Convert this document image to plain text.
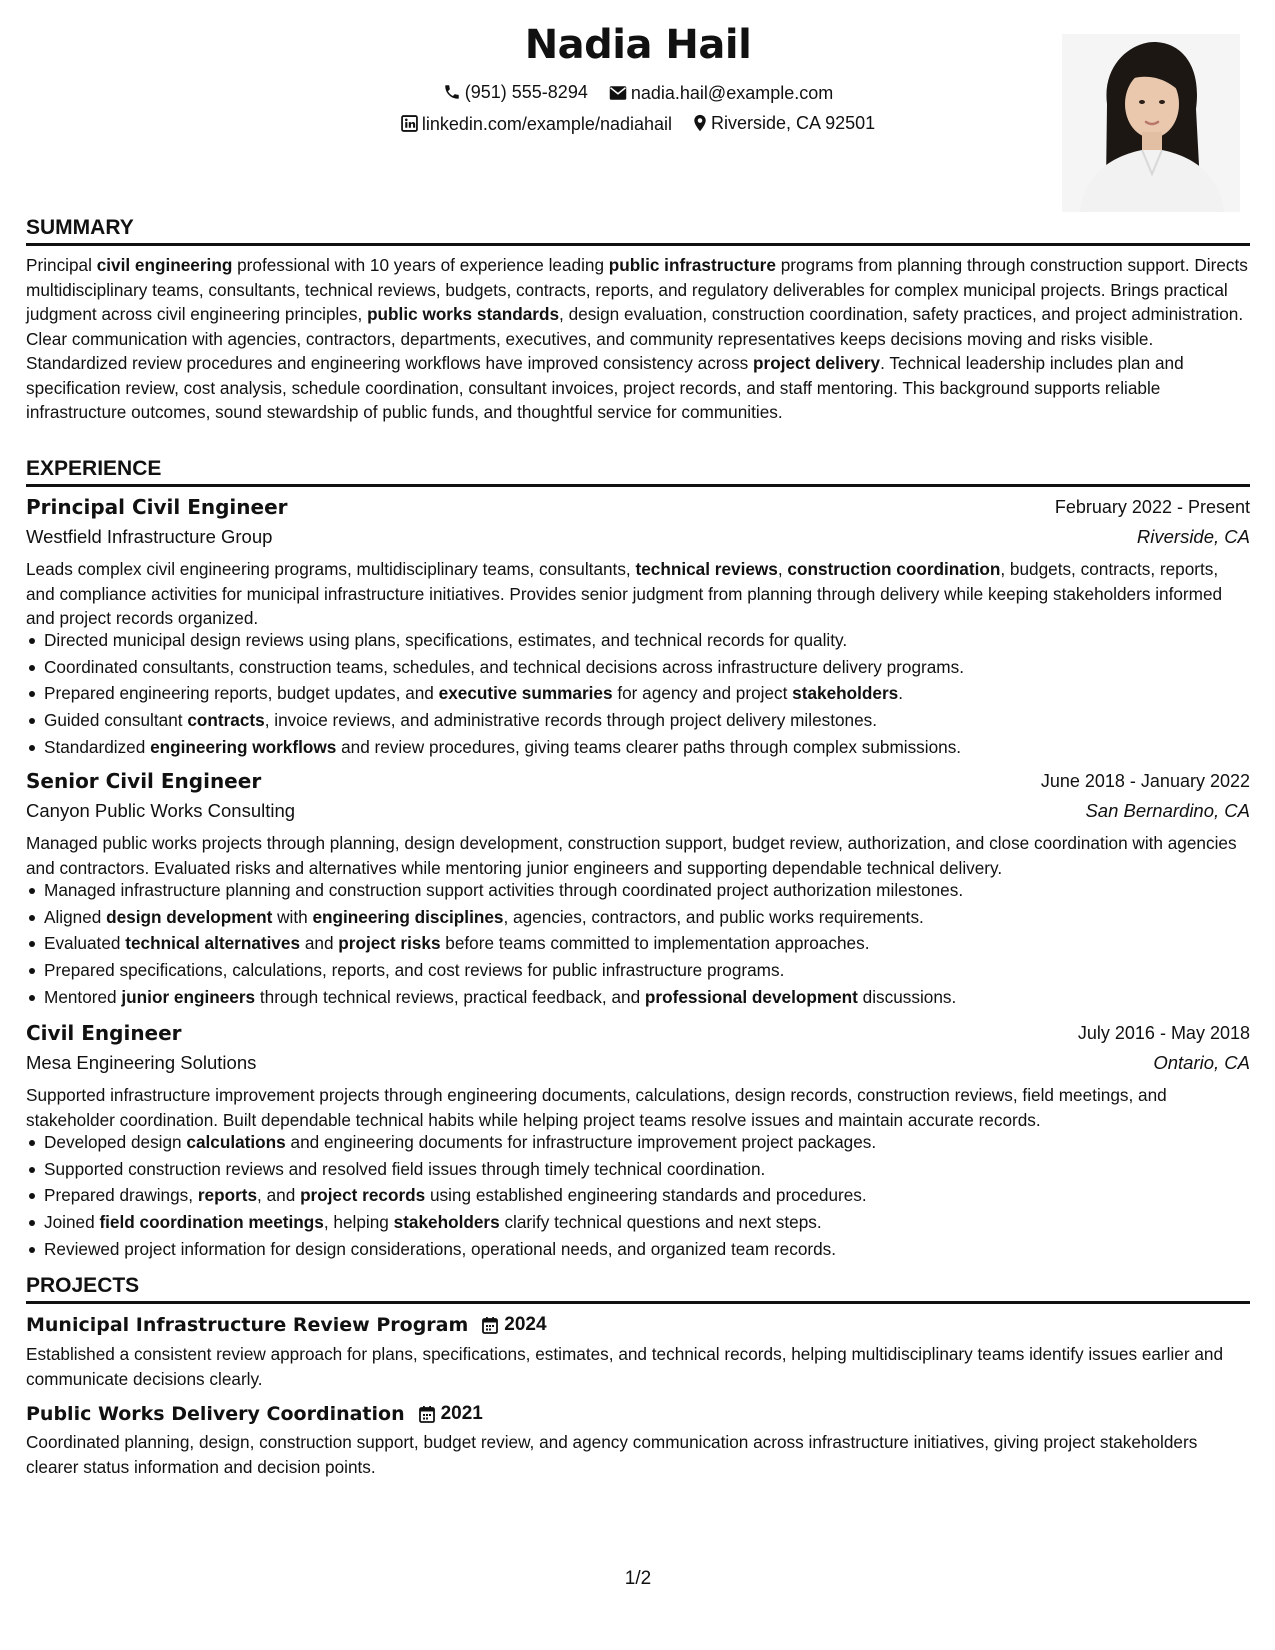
Nadia Hail
(951) 555-8294
nadia.hail@example.com
linkedin.com/example/nadiahail
Riverside, CA 92501
SUMMARY

Principal civil engineering professional with 10 years of experience leading public infrastructure programs from planning through construction support. Directs multidisciplinary teams, consultants, technical reviews, budgets, contracts, reports, and regulatory deliverables for complex municipal projects. Brings practical judgment across civil engineering principles, public works standards, design evaluation, construction coordination, safety practices, and project administration. Clear communication with agencies, contractors, departments, executives, and community representatives keeps decisions moving and risks visible. Standardized review procedures and engineering workflows have improved consistency across project delivery. Technical leadership includes plan and specification review, cost analysis, schedule coordination, consultant invoices, project records, and staff mentoring. This background supports reliable infrastructure outcomes, sound stewardship of public funds, and thoughtful service for communities.

EXPERIENCE
Principal Civil Engineer	February 2022 - Present
Westfield Infrastructure Group	Riverside, CA

Leads complex civil engineering programs, multidisciplinary teams, consultants, technical reviews, construction coordination, budgets, contracts, reports, and compliance activities for municipal infrastructure initiatives. Provides senior judgment from planning through delivery while keeping stakeholders informed and project records organized.

Directed municipal design reviews using plans, specifications, estimates, and technical records for quality.
Coordinated consultants, construction teams, schedules, and technical decisions across infrastructure delivery programs.
Prepared engineering reports, budget updates, and executive summaries for agency and project stakeholders.
Guided consultant contracts, invoice reviews, and administrative records through project delivery milestones.
Standardized engineering workflows and review procedures, giving teams clearer paths through complex submissions.
Senior Civil Engineer	June 2018 - January 2022
Canyon Public Works Consulting	San Bernardino, CA

Managed public works projects through planning, design development, construction support, budget review, authorization, and close coordination with agencies and contractors. Evaluated risks and alternatives while mentoring junior engineers and supporting dependable technical delivery.

Managed infrastructure planning and construction support activities through coordinated project authorization milestones.
Aligned design development with engineering disciplines, agencies, contractors, and public works requirements.
Evaluated technical alternatives and project risks before teams committed to implementation approaches.
Prepared specifications, calculations, reports, and cost reviews for public infrastructure programs.
Mentored junior engineers through technical reviews, practical feedback, and professional development discussions.
Civil Engineer	July 2016 - May 2018
Mesa Engineering Solutions	Ontario, CA

Supported infrastructure improvement projects through engineering documents, calculations, design records, construction reviews, field meetings, and stakeholder coordination. Built dependable technical habits while helping project teams resolve issues and maintain accurate records.

Developed design calculations and engineering documents for infrastructure improvement project packages.
Supported construction reviews and resolved field issues through timely technical coordination.
Prepared drawings, reports, and project records using established engineering standards and procedures.
Joined field coordination meetings, helping stakeholders clarify technical questions and next steps.
Reviewed project information for design considerations, operational needs, and organized team records.
PROJECTS
Municipal Infrastructure Review Program 2024

Established a consistent review approach for plans, specifications, estimates, and technical records, helping multidisciplinary teams identify issues earlier and communicate decisions clearly.

Public Works Delivery Coordination 2021

Coordinated planning, design, construction support, budget review, and agency communication across infrastructure initiatives, giving project stakeholders clearer status information and decision points.

1/2
